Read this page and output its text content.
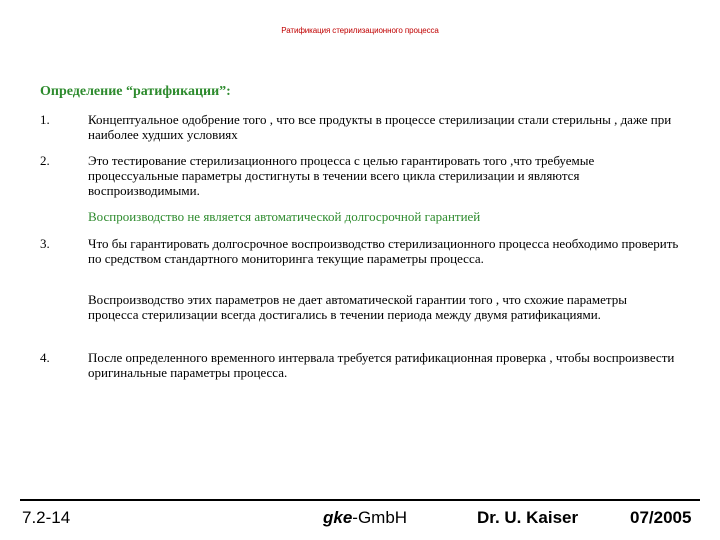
Ратификация стерилизационного процесса
Определение “ратификации”:
1.	Концептуальное одобрение того , что все продукты в процессе стерилизации стали стерильны , даже при наиболее худших условиях
2.	Это тестирование стерилизационного процесса с целью гарантировать того ,что требуемые процессуальные параметры достигнуты в течении всего цикла стерилизации и являются воспроизводимыми.
Воспроизводство не является автоматической долгосрочной гарантией
3.	Что бы гарантировать долгосрочное воспроизводство стерилизационного процесса необходимо проверить по средством стандартного мониторинга текущие параметры процесса.
Воспроизводство этих параметров не дает автоматической гарантии того , что схожие параметры процесса стерилизации всегда достигались в течении периода между двумя ратификациями.
4.	После определенного временного интервала требуется ратификационная проверка , чтобы воспроизвести оригинальные параметры процесса.
7.2-14	gke-GmbH	Dr. U. Kaiser	07/2005
